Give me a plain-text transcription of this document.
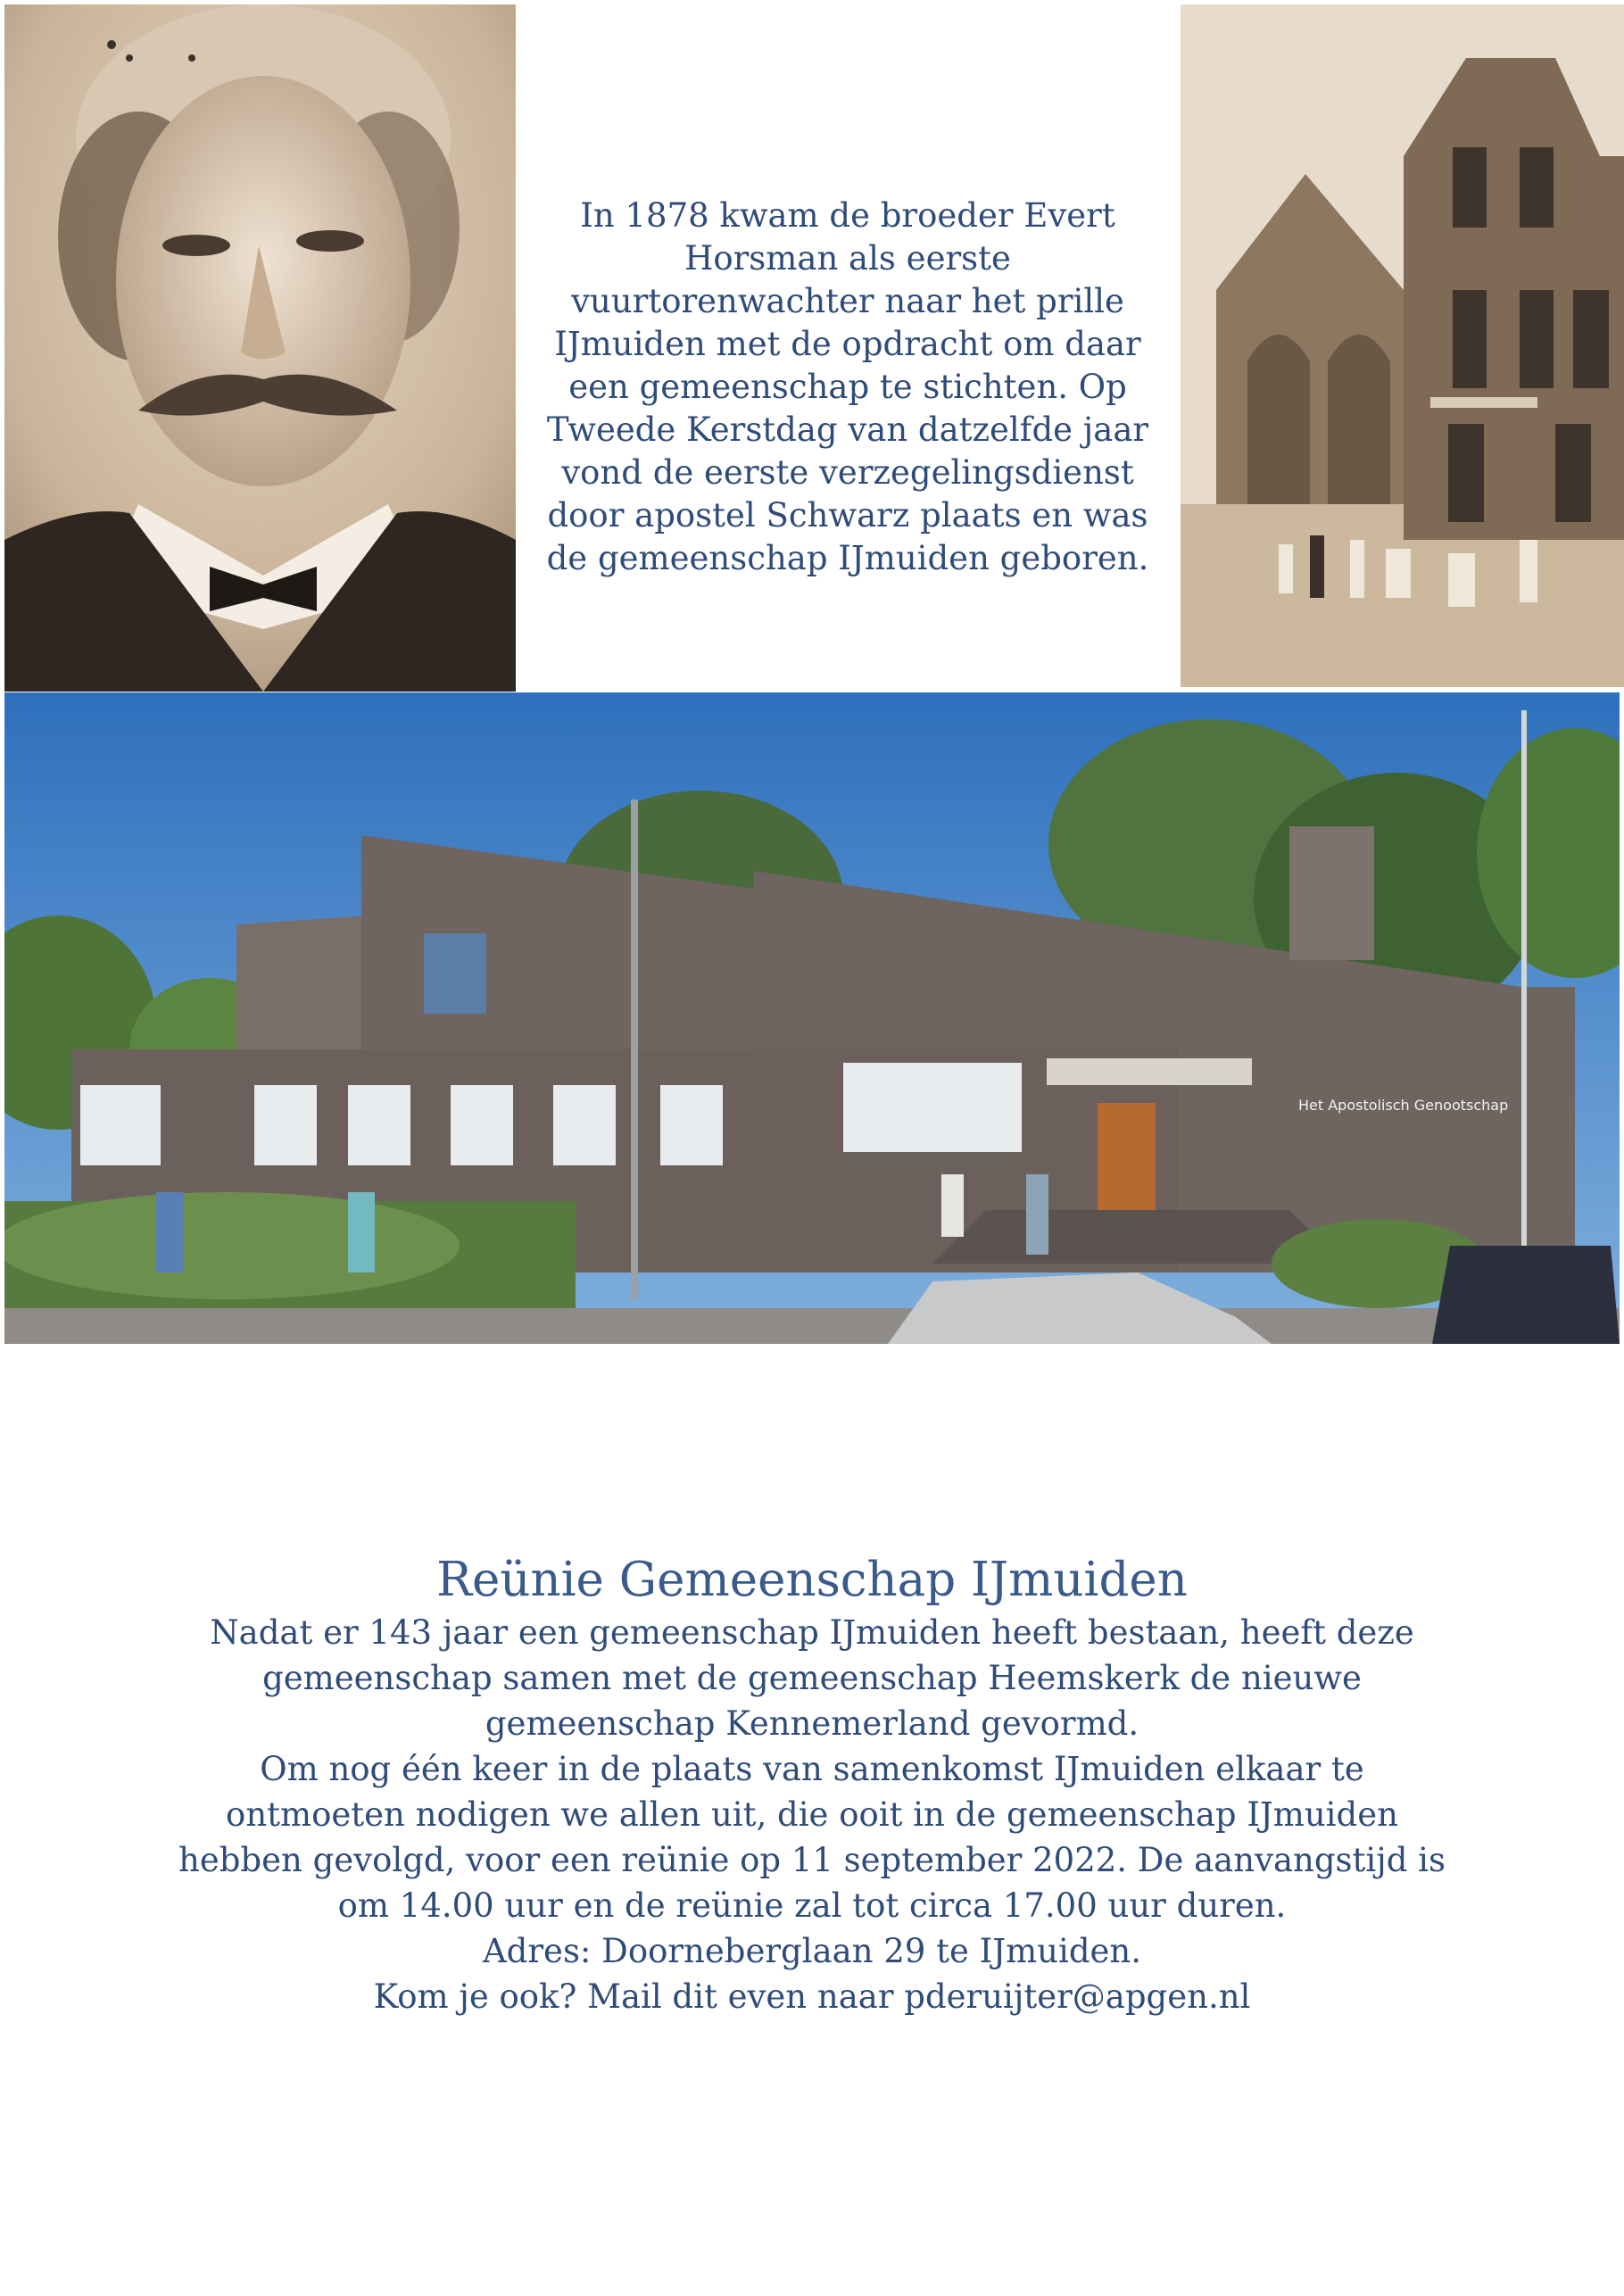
In 1878 kwam de broeder Evert
Horsman als eerste
vuurtorenwachter naar het prille
IJmuiden met de opdracht om daar
een gemeenschap te stichten. Op
Tweede Kerstdag van datzelfde jaar
vond de eerste verzegelingsdienst
door apostel Schwarz plaats en was
de gemeenschap IJmuiden geboren.

Het Apostolisch Genootschap
Reünie Gemeenschap IJmuiden

Nadat er 143 jaar een gemeenschap IJmuiden heeft bestaan, heeft deze
gemeenschap samen met de gemeenschap Heemskerk de nieuwe
gemeenschap Kennemerland gevormd.
Om nog één keer in de plaats van samenkomst IJmuiden elkaar te
ontmoeten nodigen we allen uit, die ooit in de gemeenschap IJmuiden
hebben gevolgd, voor een reünie op 11 september 2022. De aanvangstijd is
om 14.00 uur en de reünie zal tot circa 17.00 uur duren.
Adres: Doorneberglaan 29 te IJmuiden.
Kom je ook? Mail dit even naar pderuijter@apgen.nl
